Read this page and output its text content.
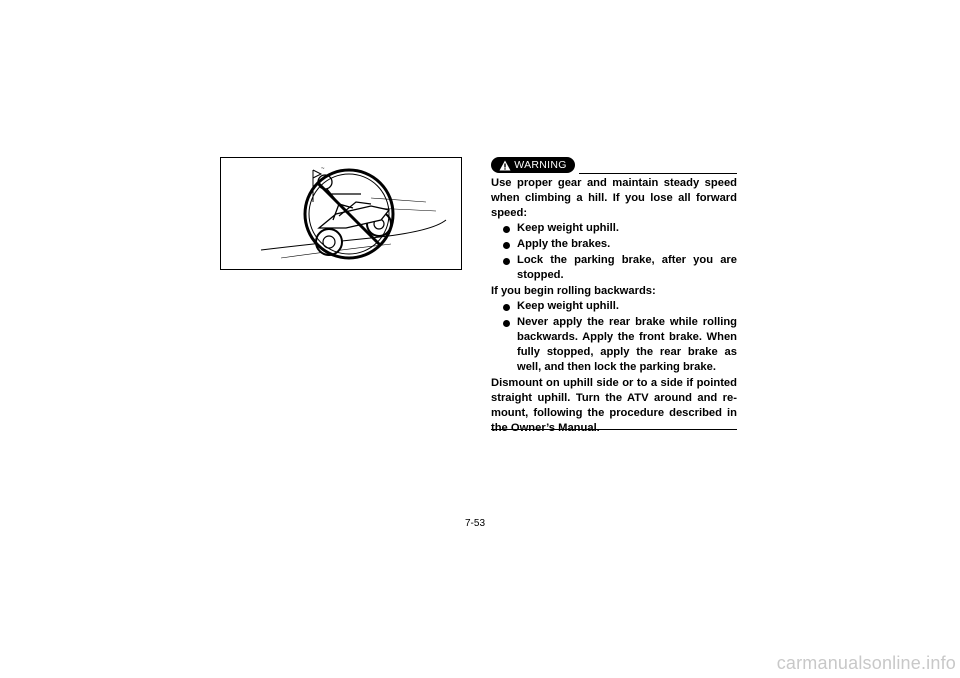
~	WARNING

Use proper gear and maintain steady speed when climbing a hill. If you lose all forward speed:

Keep weight uphill.
Apply the brakes.
Lock the parking brake, after you are stopped.

If you begin rolling backwards:

Keep weight uphill.
Never apply the rear brake while rolling backwards. Apply the front brake. When fully stopped, apply the rear brake as well, and then lock the parking brake.

Dismount on uphill side or to a side if pointed straight uphill. Turn the ATV around and re-mount, following the procedure described in the Owner’s Manual.

7-53
carmanualsonline.info
